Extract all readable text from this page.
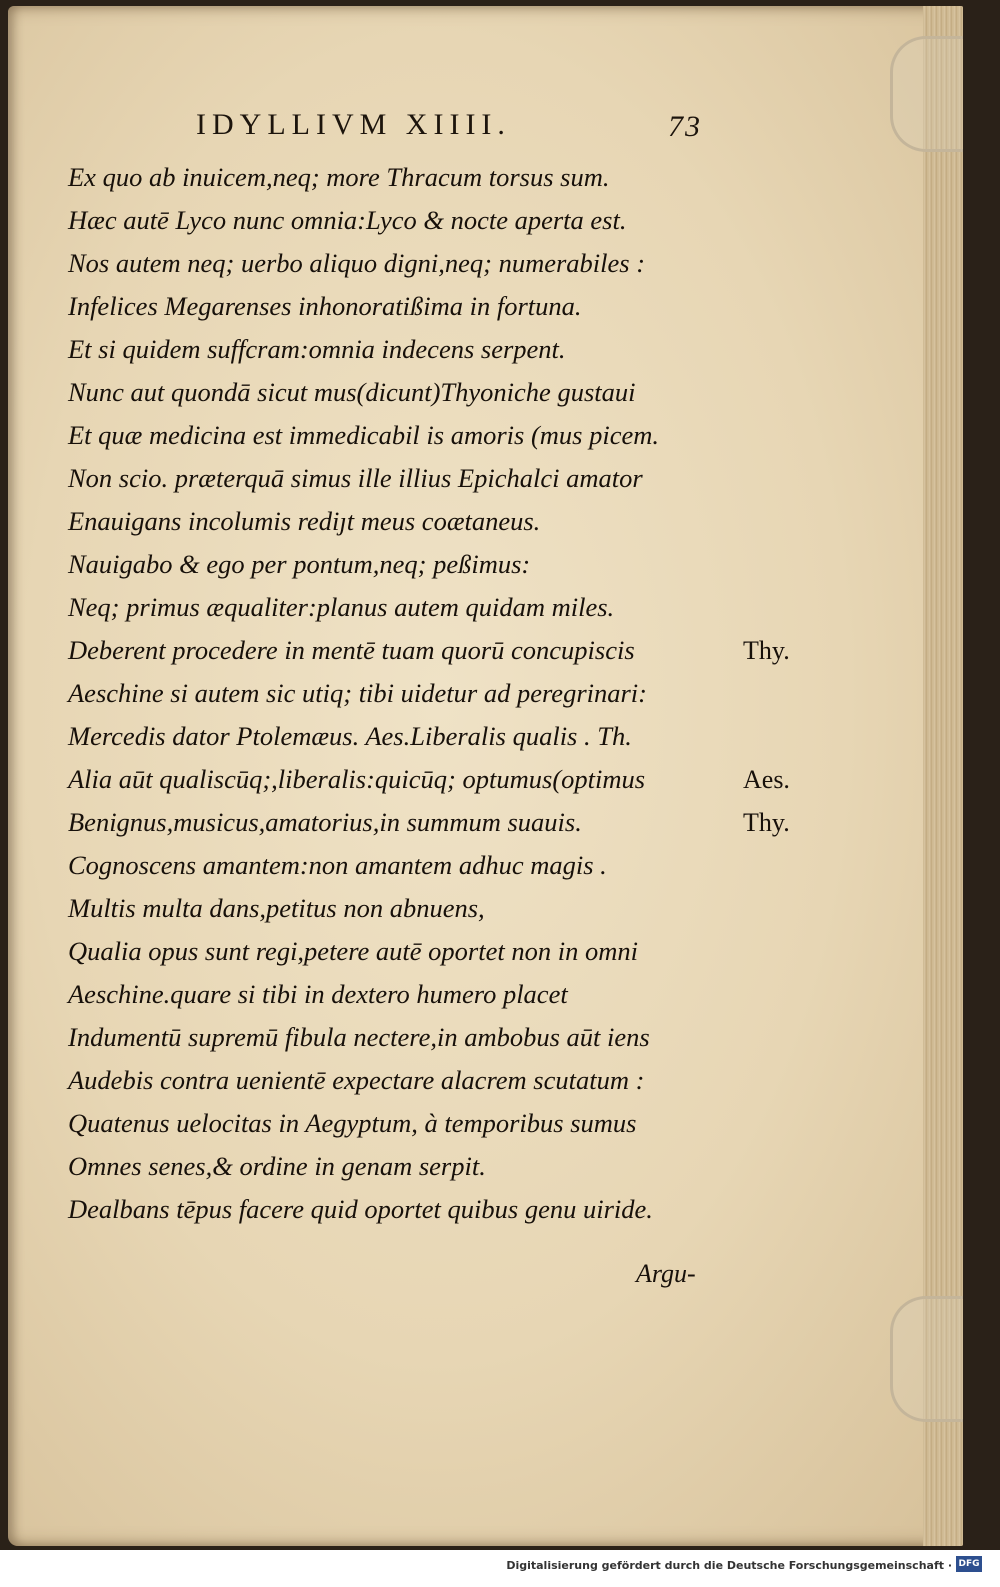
IDYLLIVM XIIII.	73
Ex quo ab inuicem,neq; more Thracum torsus sum.
Hæc autē Lyco nunc omnia:Lyco & nocte aperta est.
Nos autem neq; uerbo aliquo digni,neq; numerabiles :
Infelices Megarenses inhonoratißima in fortuna.
Et si quidem suffcram:omnia indecens serpent.
Nunc aut quondā sicut mus(dicunt)Thyoniche gustaui
Et quæ medicina est immedicabil is amoris (mus picem.
Non scio. præterquā simus ille illius Epichalci amator
Enauigans incolumis rediȷt meus coætaneus.
Nauigabo & ego per pontum,neq; peßimus:
Neq; primus æqualiter:planus autem quidam miles.
Deberent procedere in mentē tuam quorū concupiscis	Thy.
Aeschine si autem sic utiq; tibi uidetur ad peregrinari:
Mercedis dator Ptolemæus. Aes.Liberalis qualis . Th.
Alia aūt qualiscūq;,liberalis:quicūq; optumus(optimus	Aes.
Benignus,musicus,amatorius,in summum suauis.	Thy.
Cognoscens amantem:non amantem adhuc magis .
Multis multa dans,petitus non abnuens,
Qualia opus sunt regi,petere autē oportet non in omni
Aeschine.quare si tibi in dextero humero placet
Indumentū supremū fibula nectere,in ambobus aūt iens
Audebis contra uenientē expectare alacrem scutatum :
Quatenus uelocitas in Aegyptum, à temporibus sumus
Omnes senes,& ordine in genam serpit.
Dealbans tēpus facere quid oportet quibus genu uiride.
Argu-
Digitalisierung gefördert durch die Deutsche Forschungsgemeinschaft · DFG
